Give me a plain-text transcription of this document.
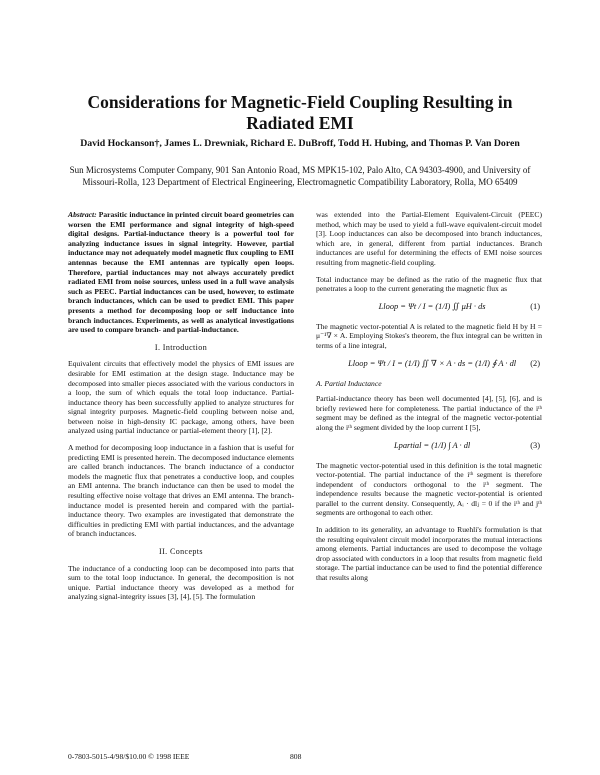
Considerations for Magnetic-Field Coupling Resulting in Radiated EMI
David Hockanson†, James L. Drewniak, Richard E. DuBroff, Todd H. Hubing, and Thomas P. Van Doren
Sun Microsystems Computer Company, 901 San Antonio Road, MS MPK15-102, Palo Alto, CA 94303-4900, and University of Missouri-Rolla, 123 Department of Electrical Engineering, Electromagnetic Compatibility Laboratory, Rolla, MO 65409

Abstract: Parasitic inductance in printed circuit board geometries can worsen the EMI performance and signal integrity of high-speed digital designs. Partial-inductance theory is a powerful tool for analyzing inductance issues in signal integrity. However, partial inductance may not adequately model magnetic flux coupling to EMI antennas because the EMI antennas are typically open loops. Therefore, partial inductances may not always accurately predict radiated EMI from noise sources, unless used in a full wave analysis such as PEEC. Partial inductances can be used, however, to estimate branch inductances, which can be used to predict EMI. This paper presents a method for decomposing loop or self inductance into branch inductances. Experiments, as well as analytical investigations are used to compare branch- and partial-inductance.

I. Introduction

Equivalent circuits that effectively model the physics of EMI issues are desirable for EMI estimation at the design stage. Inductance may be decomposed into smaller pieces associated with the various conductors in a loop, the sum of which equals the total loop inductance. Partial-inductance theory has been successfully applied to analyze structures for signal integrity purposes. Magnetic-field coupling between noise and, between noise in high-density IC package, among others, have been analyzed using partial inductance or partial-element theory [1], [2].

A method for decomposing loop inductance in a fashion that is useful for predicting EMI is presented herein. The decomposed inductance elements are called branch inductances. The branch inductance of a conductor models the magnetic flux that penetrates a conductive loop, and couples an EMI antenna. The branch inductance can then be used to model the resulting effective noise voltage that drives an EMI antenna. The branch-inductance model is presented herein and compared with the partial-inductance theory. Two examples are investigated that demonstrate the difficulties in predicting EMI with partial inductances, and the advantage of branch inductances.

II. Concepts

The inductance of a conducting loop can be decomposed into parts that sum to the total loop inductance. In general, the decomposition is not unique. Partial inductance theory was developed as a method for analyzing signal-integrity issues [3], [4], [5]. The formulation

was extended into the Partial-Element Equivalent-Circuit (PEEC) method, which may be used to yield a full-wave equivalent-circuit model [3]. Loop inductances can also be decomposed into branch inductances, which are, in general, different from partial inductances. Branch inductances are useful for determining the effects of EMI noise sources resulting from magnetic-field coupling.

Total inductance may be defined as the ratio of the magnetic flux that penetrates a loop to the current generating the magnetic flux as

Lloop = Ψt / I = (1/I) ∬ μH · ds	(1)

The magnetic vector-potential A is related to the magnetic field H by H = μ⁻¹∇ × A. Employing Stokes's theorem, the flux integral can be written in terms of a line integral,

Lloop = Ψt / I = (1/I) ∬ ∇ × A · ds = (1/I) ∮ A · dl	(2)
A. Partial Inductance

Partial-inductance theory has been well documented [4], [5], [6], and is briefly reviewed here for completeness. The partial inductance of the iᵗʰ segment may be defined as the integral of the magnetic vector-potential along the iᵗʰ segment divided by the loop current I [5],

Lpartial = (1/I) ∫ A · dl	(3)

The magnetic vector-potential used in this definition is the total magnetic vector-potential. The partial inductance of the iᵗʰ segment is therefore independent of conductors orthogonal to the iᵗʰ segment. The independence results because the magnetic vector-potential is oriented parallel to the current density. Consequently, Aᵢ · dlⱼ = 0 if the iᵗʰ and jᵗʰ segments are orthogonal to each other.

In addition to its generality, an advantage to Ruehli's formulation is that the resulting equivalent circuit model incorporates the mutual interactions among elements. Partial inductances are used to decompose the voltage drop associated with conductors in a loop that results from magnetic field storage. The partial inductance can be used to find the potential difference that results along

0-7803-5015-4/98/$10.00 © 1998 IEEE	808
